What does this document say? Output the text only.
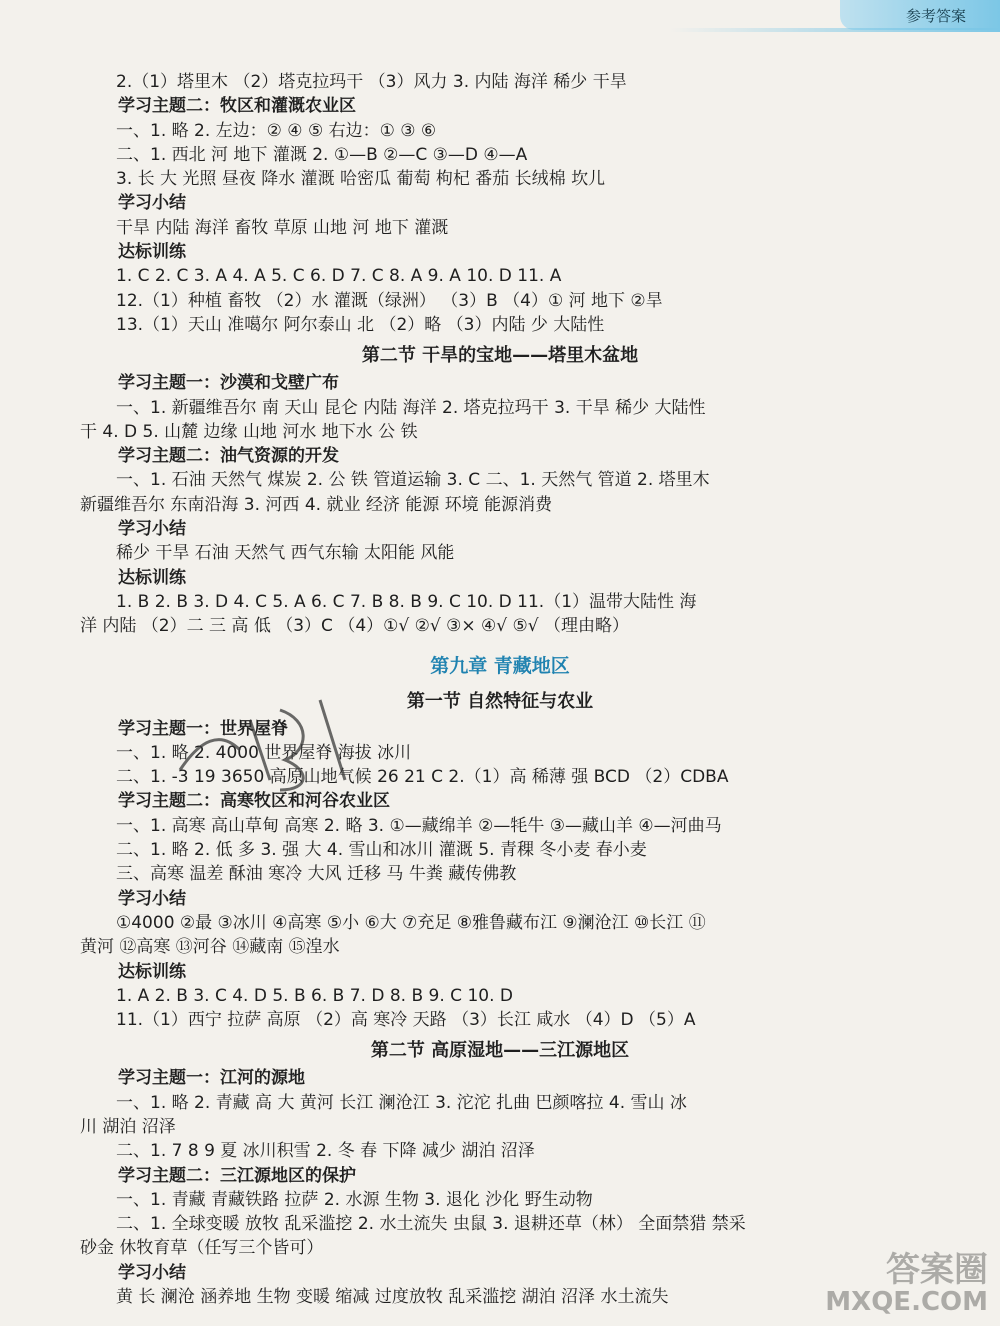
参考答案
2.（1）塔里木 （2）塔克拉玛干 （3）风力 3. 内陆 海洋 稀少 干旱
学习主题二：牧区和灌溉农业区
一、1. 略 2. 左边：② ④ ⑤ 右边：① ③ ⑥
二、1. 西北 河 地下 灌溉 2. ①—B ②—C ③—D ④—A
3. 长 大 光照 昼夜 降水 灌溉 哈密瓜 葡萄 枸杞 番茄 长绒棉 坎儿
学习小结
干旱 内陆 海洋 畜牧 草原 山地 河 地下 灌溉
达标训练
1. C 2. C 3. A 4. A 5. C 6. D 7. C 8. A 9. A 10. D 11. A
12.（1）种植 畜牧 （2）水 灌溉（绿洲） （3）B （4）① 河 地下 ②旱
13.（1）天山 准噶尔 阿尔泰山 北 （2）略 （3）内陆 少 大陆性
第二节 干旱的宝地——塔里木盆地
学习主题一：沙漠和戈壁广布
一、1. 新疆维吾尔 南 天山 昆仑 内陆 海洋 2. 塔克拉玛干 3. 干旱 稀少 大陆性
干 4. D 5. 山麓 边缘 山地 河水 地下水 公 铁
学习主题二：油气资源的开发
一、1. 石油 天然气 煤炭 2. 公 铁 管道运输 3. C 二、1. 天然气 管道 2. 塔里木
新疆维吾尔 东南沿海 3. 河西 4. 就业 经济 能源 环境 能源消费
学习小结
稀少 干旱 石油 天然气 西气东输 太阳能 风能
达标训练
1. B 2. B 3. D 4. C 5. A 6. C 7. B 8. B 9. C 10. D 11.（1）温带大陆性 海
洋 内陆 （2）二 三 高 低 （3）C （4）①√ ②√ ③× ④√ ⑤√ （理由略）
第九章 青藏地区
第一节 自然特征与农业
学习主题一：世界屋脊
一、1. 略 2. 4000 世界屋脊 海拔 冰川
二、1. -3 19 3650 高原山地气候 26 21 C 2.（1）高 稀薄 强 BCD （2）CDBA
学习主题二：高寒牧区和河谷农业区
一、1. 高寒 高山草甸 高寒 2. 略 3. ①—藏绵羊 ②—牦牛 ③—藏山羊 ④—河曲马
二、1. 略 2. 低 多 3. 强 大 4. 雪山和冰川 灌溉 5. 青稞 冬小麦 春小麦
三、高寒 温差 酥油 寒冷 大风 迁移 马 牛粪 藏传佛教
学习小结
①4000 ②最 ③冰川 ④高寒 ⑤小 ⑥大 ⑦充足 ⑧雅鲁藏布江 ⑨澜沧江 ⑩长江 ⑪
黄河 ⑫高寒 ⑬河谷 ⑭藏南 ⑮湟水
达标训练
1. A 2. B 3. C 4. D 5. B 6. B 7. D 8. B 9. C 10. D
11.（1）西宁 拉萨 高原 （2）高 寒冷 天路 （3）长江 咸水 （4）D （5）A
第二节 高原湿地——三江源地区
学习主题一：江河的源地
一、1. 略 2. 青藏 高 大 黄河 长江 澜沧江 3. 沱沱 扎曲 巴颜喀拉 4. 雪山 冰
川 湖泊 沼泽
二、1. 7 8 9 夏 冰川积雪 2. 冬 春 下降 减少 湖泊 沼泽
学习主题二：三江源地区的保护
一、1. 青藏 青藏铁路 拉萨 2. 水源 生物 3. 退化 沙化 野生动物
二、1. 全球变暖 放牧 乱采滥挖 2. 水土流失 虫鼠 3. 退耕还草（林） 全面禁猎 禁采
砂金 休牧育草（任写三个皆可）
学习小结
黄 长 澜沧 涵养地 生物 变暖 缩减 过度放牧 乱采滥挖 湖泊 沼泽 水土流失
答案圈
MXQE.COM
